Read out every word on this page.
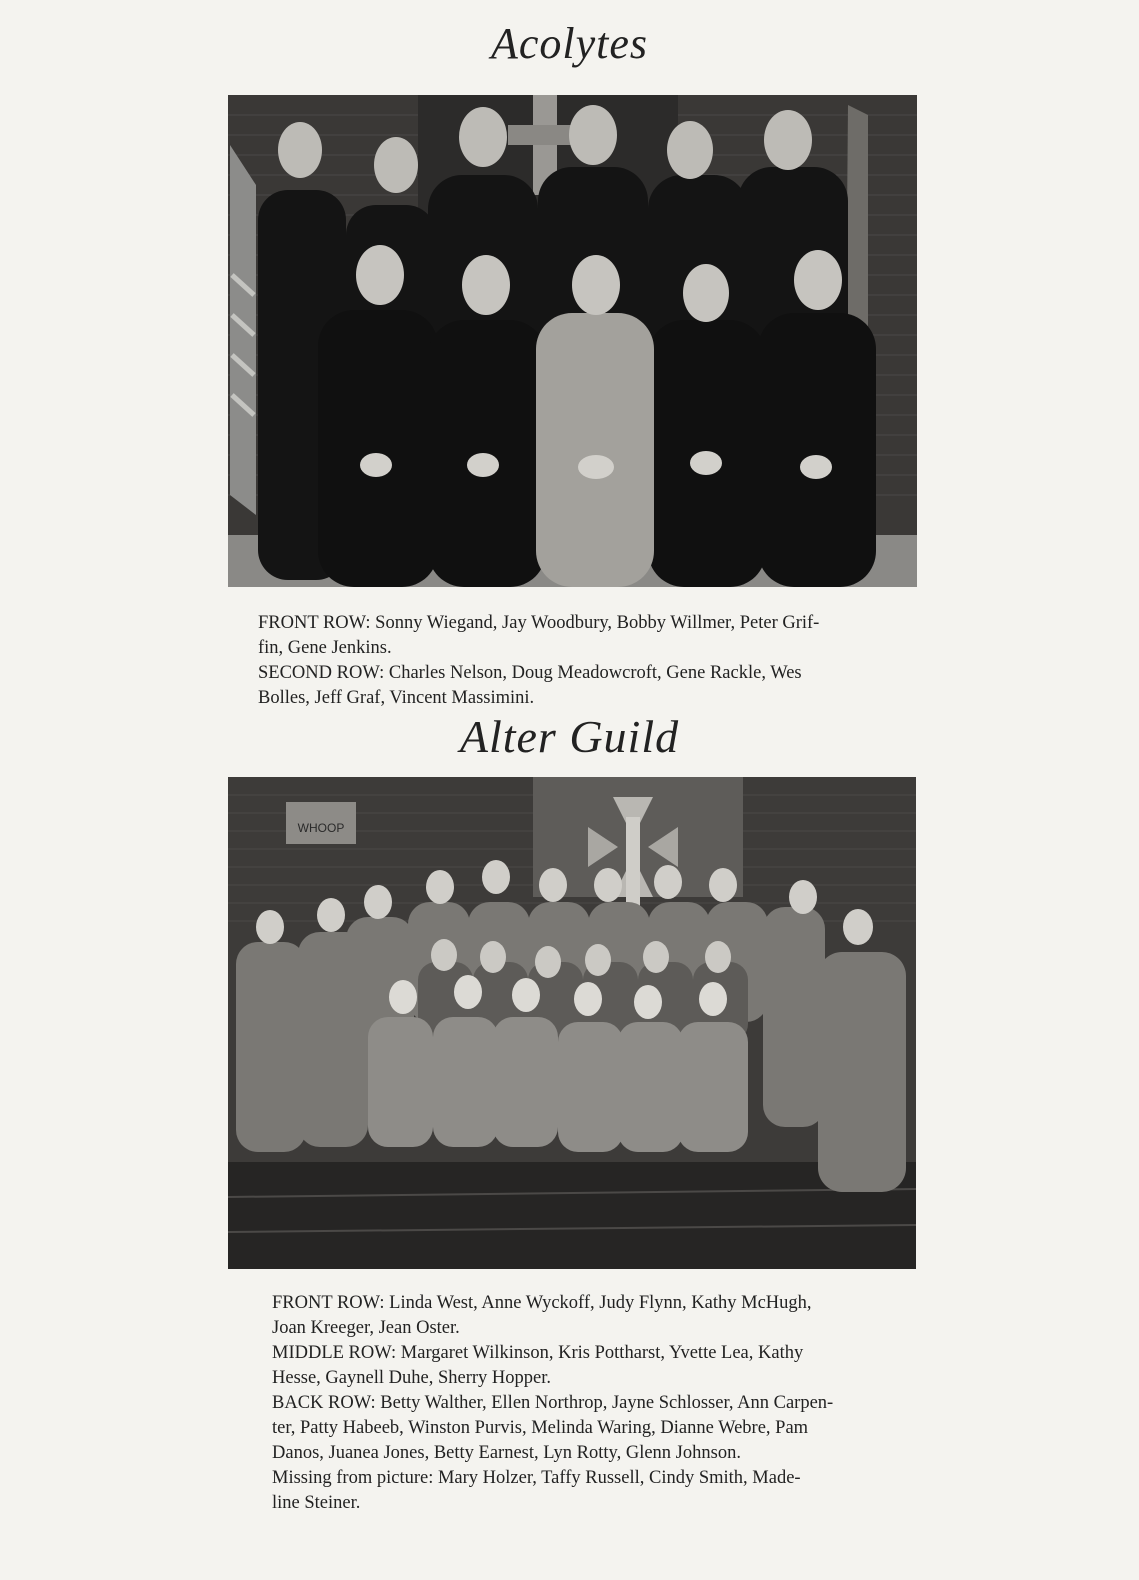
Acolytes

FRONT ROW: Sonny Wiegand, Jay Woodbury, Bobby Willmer, Peter Grif-

fin, Gene Jenkins.

SECOND ROW: Charles Nelson, Doug Meadowcroft, Gene Rackle, Wes

Bolles, Jeff Graf, Vincent Massimini.

Alter Guild
WHOOP

FRONT ROW: Linda West, Anne Wyckoff, Judy Flynn, Kathy McHugh,

Joan Kreeger, Jean Oster.

MIDDLE ROW: Margaret Wilkinson, Kris Pottharst, Yvette Lea, Kathy

Hesse, Gaynell Duhe, Sherry Hopper.

BACK ROW: Betty Walther, Ellen Northrop, Jayne Schlosser, Ann Carpen-

ter, Patty Habeeb, Winston Purvis, Melinda Waring, Dianne Webre, Pam

Danos, Juanea Jones, Betty Earnest, Lyn Rotty, Glenn Johnson.

Missing from picture: Mary Holzer, Taffy Russell, Cindy Smith, Made-

line Steiner.
